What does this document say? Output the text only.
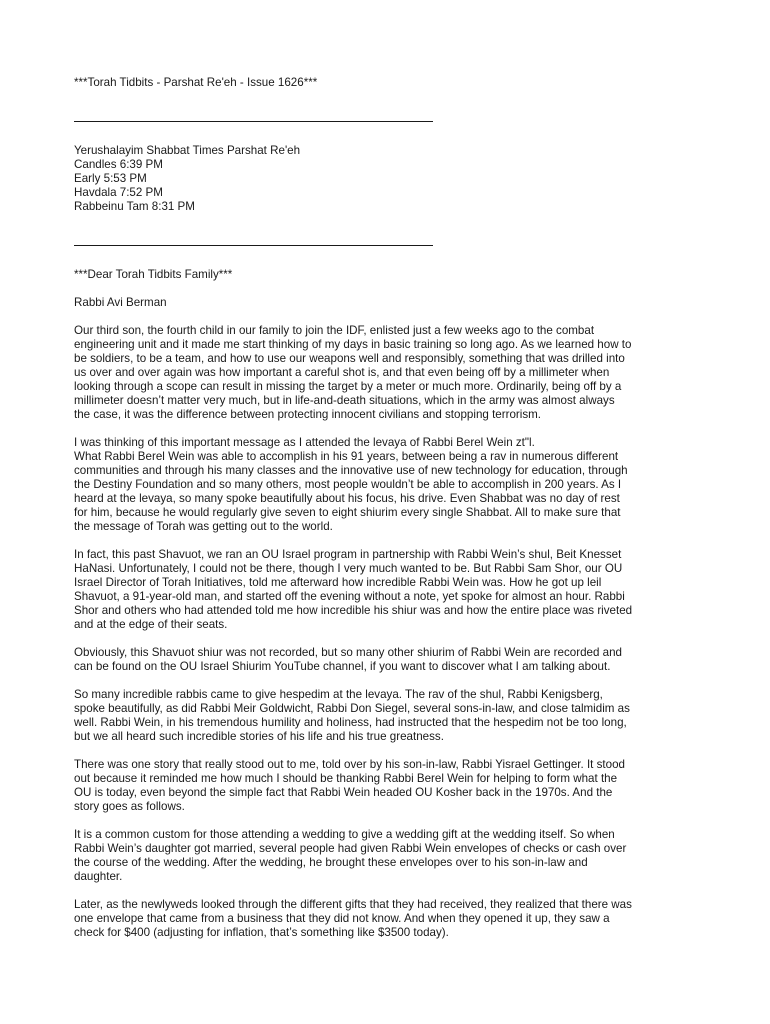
***Torah Tidbits - Parshat Re'eh - Issue 1626***

Yerushalayim Shabbat Times Parshat Re'eh

Candles 6:39 PM

Early 5:53 PM

Havdala 7:52 PM

Rabbeinu Tam 8:31 PM

***Dear Torah Tidbits Family***

Rabbi Avi Berman

Our third son, the fourth child in our family to join the IDF, enlisted just a few weeks ago to the combat

engineering unit and it made me start thinking of my days in basic training so long ago. As we learned how to

be soldiers, to be a team, and how to use our weapons well and responsibly, something that was drilled into

us over and over again was how important a careful shot is, and that even being off by a millimeter when

looking through a scope can result in missing the target by a meter or much more. Ordinarily, being off by a

millimeter doesn’t matter very much, but in life-and-death situations, which in the army was almost always

the case, it was the difference between protecting innocent civilians and stopping terrorism.

I was thinking of this important message as I attended the levaya of Rabbi Berel Wein zt"l.

What Rabbi Berel Wein was able to accomplish in his 91 years, between being a rav in numerous different

communities and through his many classes and the innovative use of new technology for education, through

the Destiny Foundation and so many others, most people wouldn’t be able to accomplish in 200 years. As I

heard at the levaya, so many spoke beautifully about his focus, his drive. Even Shabbat was no day of rest

for him, because he would regularly give seven to eight shiurim every single Shabbat. All to make sure that

the message of Torah was getting out to the world.

In fact, this past Shavuot, we ran an OU Israel program in partnership with Rabbi Wein’s shul, Beit Knesset

HaNasi. Unfortunately, I could not be there, though I very much wanted to be. But Rabbi Sam Shor, our OU

Israel Director of Torah Initiatives, told me afterward how incredible Rabbi Wein was. How he got up leil

Shavuot, a 91-year-old man, and started off the evening without a note, yet spoke for almost an hour. Rabbi

Shor and others who had attended told me how incredible his shiur was and how the entire place was riveted

and at the edge of their seats.

Obviously, this Shavuot shiur was not recorded, but so many other shiurim of Rabbi Wein are recorded and

can be found on the OU Israel Shiurim YouTube channel, if you want to discover what I am talking about.

So many incredible rabbis came to give hespedim at the levaya. The rav of the shul, Rabbi Kenigsberg,

spoke beautifully, as did Rabbi Meir Goldwicht, Rabbi Don Siegel, several sons-in-law, and close talmidim as

well. Rabbi Wein, in his tremendous humility and holiness, had instructed that the hespedim not be too long,

but we all heard such incredible stories of his life and his true greatness.

There was one story that really stood out to me, told over by his son-in-law, Rabbi Yisrael Gettinger. It stood

out because it reminded me how much I should be thanking Rabbi Berel Wein for helping to form what the

OU is today, even beyond the simple fact that Rabbi Wein headed OU Kosher back in the 1970s. And the

story goes as follows.

It is a common custom for those attending a wedding to give a wedding gift at the wedding itself. So when

Rabbi Wein’s daughter got married, several people had given Rabbi Wein envelopes of checks or cash over

the course of the wedding. After the wedding, he brought these envelopes over to his son-in-law and

daughter.

Later, as the newlyweds looked through the different gifts that they had received, they realized that there was

one envelope that came from a business that they did not know. And when they opened it up, they saw a

check for $400 (adjusting for inflation, that’s something like $3500 today).
